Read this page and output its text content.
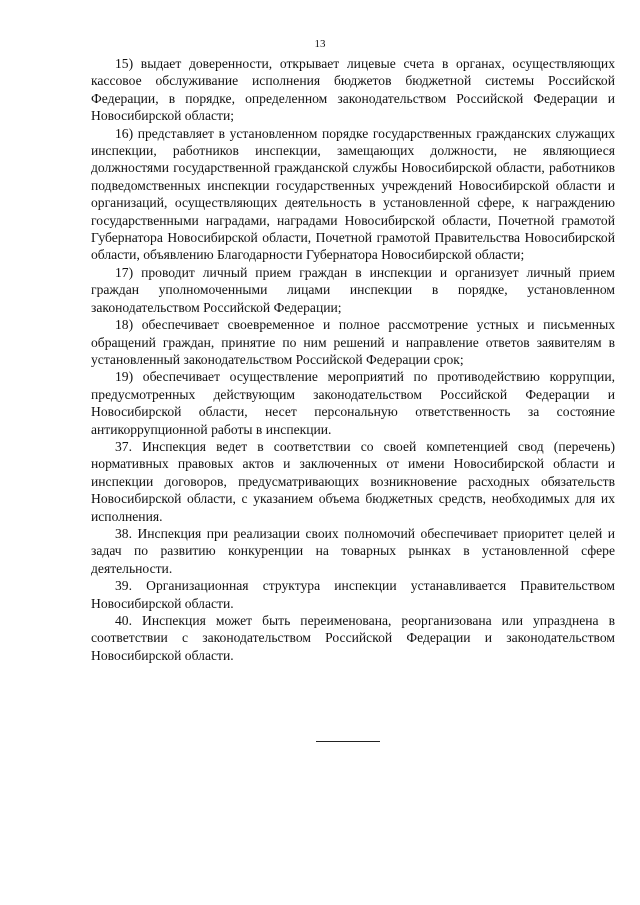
13

15) выдает доверенности, открывает лицевые счета в органах, осуществляющих кассовое обслуживание исполнения бюджетов бюджетной системы Российской Федерации, в порядке, определенном законодательством Российской Федерации и Новосибирской области;

16) представляет в установленном порядке государственных гражданских служащих инспекции, работников инспекции, замещающих должности, не являющиеся должностями государственной гражданской службы Новосибирской области, работников подведомственных инспекции государственных учреждений Новосибирской области и организаций, осуществляющих деятельность в установленной сфере, к награждению государственными наградами, наградами Новосибирской области, Почетной грамотой Губернатора Новосибирской области, Почетной грамотой Правительства Новосибирской области, объявлению Благодарности Губернатора Новосибирской области;

17) проводит личный прием граждан в инспекции и организует личный прием граждан уполномоченными лицами инспекции в порядке, установленном законодательством Российской Федерации;

18) обеспечивает своевременное и полное рассмотрение устных и письменных обращений граждан, принятие по ним решений и направление ответов заявителям в установленный законодательством Российской Федерации срок;

19) обеспечивает осуществление мероприятий по противодействию коррупции, предусмотренных действующим законодательством Российской Федерации и Новосибирской области, несет персональную ответственность за состояние антикоррупционной работы в инспекции.

37. Инспекция ведет в соответствии со своей компетенцией свод (перечень) нормативных правовых актов и заключенных от имени Новосибирской области и инспекции договоров, предусматривающих возникновение расходных обязательств Новосибирской области, с указанием объема бюджетных средств, необходимых для их исполнения.

38. Инспекция при реализации своих полномочий обеспечивает приоритет целей и задач по развитию конкуренции на товарных рынках в установленной сфере деятельности.

39. Организационная структура инспекции устанавливается Правительством Новосибирской области.

40. Инспекция может быть переименована, реорганизована или упразднена в соответствии с законодательством Российской Федерации и законодательством Новосибирской области.
